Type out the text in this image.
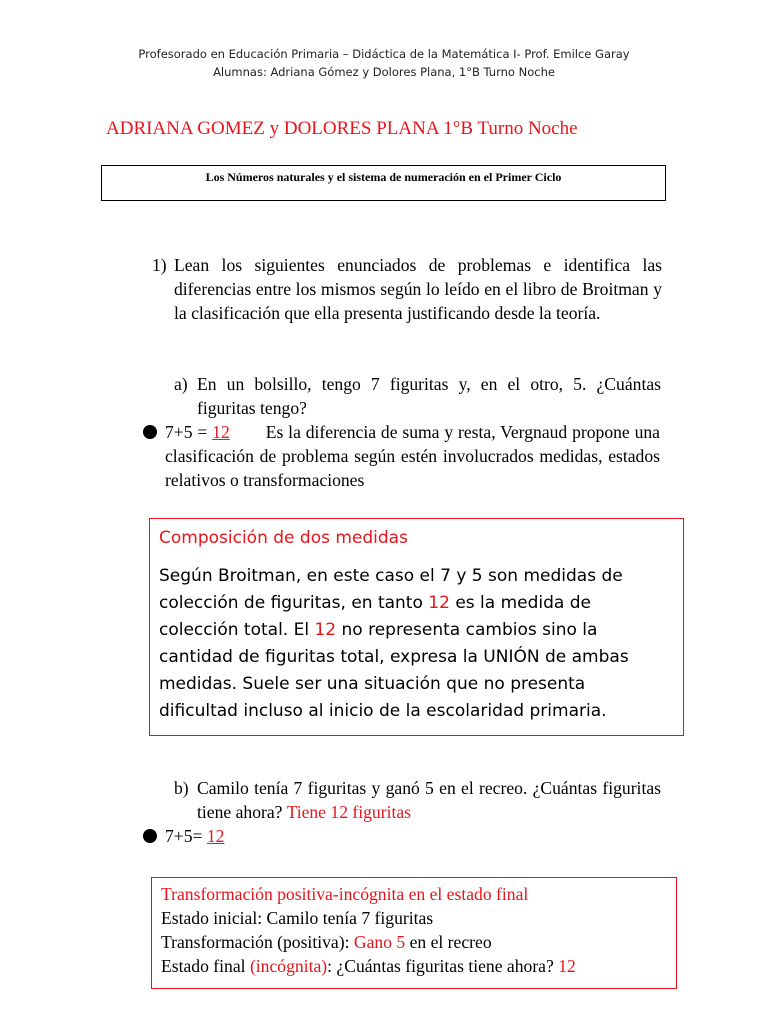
Profesorado en Educación Primaria – Didáctica de la Matemática I- Prof. Emilce Garay
Alumnas: Adriana Gómez y Dolores Plana, 1°B Turno Noche
ADRIANA GOMEZ y DOLORES PLANA 1°B Turno Noche
Los Números naturales y el sistema de numeración en el Primer Ciclo
1) Lean los siguientes enunciados de problemas e identifica las diferencias entre los mismos según lo leído en el libro de Broitman y la clasificación que ella presenta justificando desde la teoría.
a) En un bolsillo, tengo 7 figuritas y, en el otro, 5. ¿Cuántas figuritas tengo?
7+5 = 12 Es la diferencia de suma y resta, Vergnaud propone una clasificación de problema según estén involucrados medidas, estados relativos o transformaciones
Composición de dos medidas
Según Broitman, en este caso el 7 y 5 son medidas de colección de figuritas, en tanto 12 es la medida de colección total. El 12 no representa cambios sino la cantidad de figuritas total, expresa la UNIÓN de ambas medidas. Suele ser una situación que no presenta dificultad incluso al inicio de la escolaridad primaria.
b) Camilo tenía 7 figuritas y ganó 5 en el recreo. ¿Cuántas figuritas tiene ahora? Tiene 12 figuritas
7+5= 12
Transformación positiva-incógnita en el estado final
Estado inicial: Camilo tenía 7 figuritas
Transformación (positiva): Gano 5 en el recreo
Estado final (incógnita): ¿Cuántas figuritas tiene ahora? 12
